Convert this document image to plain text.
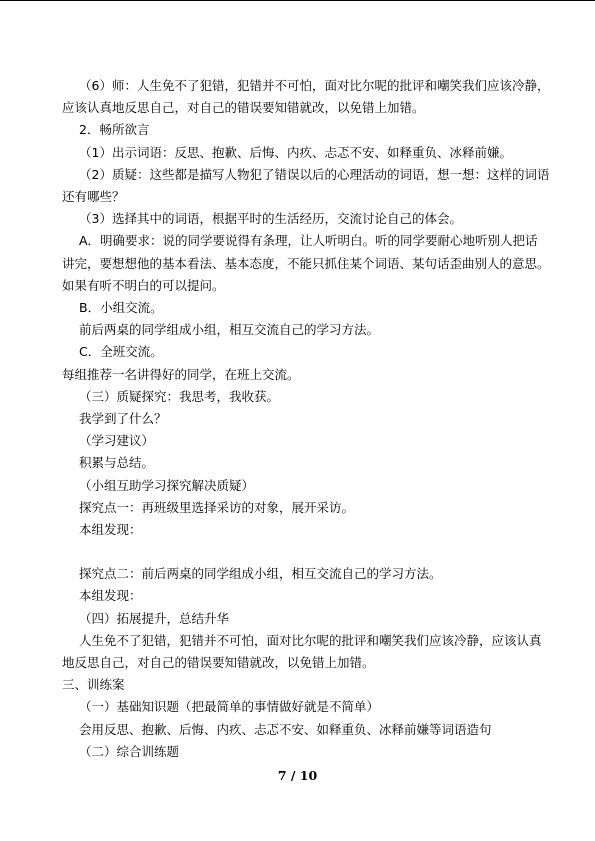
（6）师：人生免不了犯错，犯错并不可怕，面对比尔呢的批评和嘲笑我们应该冷静，应该认真地反思自己，对自己的错误要知错就改，以免错上加错。

2．畅所欲言

（1）出示词语：反思、抱歉、后悔、内疚、忐忑不安、如释重负、冰释前嫌。

（2）质疑：这些都是描写人物犯了错误以后的心理活动的词语，想一想：这样的词语还有哪些？

（3）选择其中的词语，根据平时的生活经历，交流讨论自己的体会。

A．明确要求：说的同学要说得有条理，让人听明白。听的同学要耐心地听别人把话讲完，要想想他的基本看法、基本态度，不能只抓住某个词语、某句话歪曲别人的意思。如果有听不明白的可以提问。

B．小组交流。

前后两桌的同学组成小组，相互交流自己的学习方法。

C．全班交流。

每组推荐一名讲得好的同学，在班上交流。

（三）质疑探究：我思考，我收获。

我学到了什么？

（学习建议）

积累与总结。

（小组互助学习探究解决质疑）

探究点一：再班级里选择采访的对象，展开采访。

本组发现：

探究点二：前后两桌的同学组成小组，相互交流自己的学习方法。

本组发现：

（四）拓展提升，总结升华

人生免不了犯错，犯错并不可怕，面对比尔呢的批评和嘲笑我们应该冷静，应该认真地反思自己，对自己的错误要知错就改，以免错上加错。

三、训练案

（一）基础知识题（把最简单的事情做好就是不简单）

会用反思、抱歉、后悔、内疚、忐忑不安、如释重负、冰释前嫌等词语造句

（二）综合训练题

7 / 10
